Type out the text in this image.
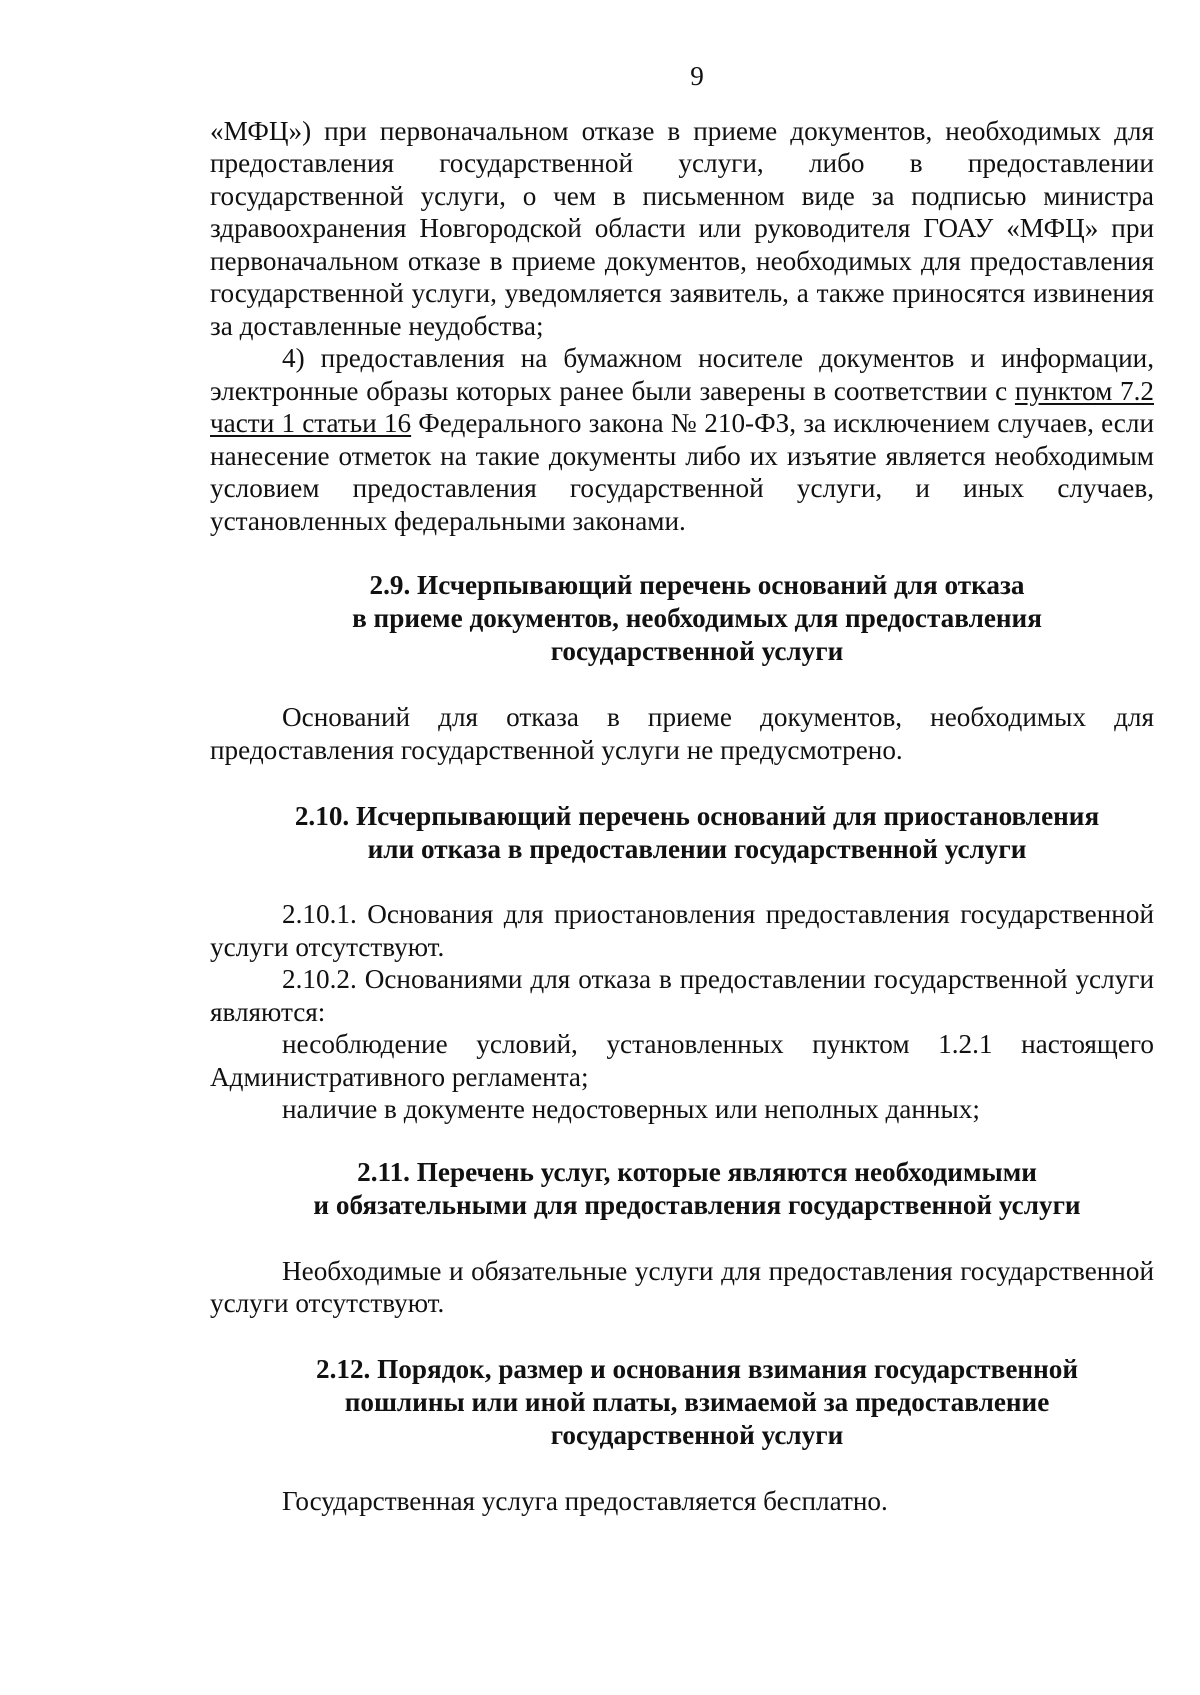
9

«МФЦ») при первоначальном отказе в приеме документов, необходимых для предоставления государственной услуги, либо в предоставлении государственной услуги, о чем в письменном виде за подписью министра здравоохранения Новгородской области или руководителя ГОАУ «МФЦ» при первоначальном отказе в приеме документов, необходимых для предоставления государственной услуги, уведомляется заявитель, а также приносятся извинения за доставленные неудобства;

4) предоставления на бумажном носителе документов и информации, электронные образы которых ранее были заверены в соответствии с пунктом 7.2 части 1 статьи 16 Федерального закона № 210-ФЗ, за исключением случаев, если нанесение отметок на такие документы либо их изъятие является необходимым условием предоставления государственной услуги, и иных случаев, установленных федеральными законами.

2.9. Исчерпывающий перечень оснований для отказа
в приеме документов, необходимых для предоставления
государственной услуги

Оснований для отказа в приеме документов, необходимых для предоставления государственной услуги не предусмотрено.

2.10. Исчерпывающий перечень оснований для приостановления
или отказа в предоставлении государственной услуги

2.10.1. Основания для приостановления предоставления государственной услуги отсутствуют.

2.10.2. Основаниями для отказа в предоставлении государственной услуги являются:

несоблюдение условий, установленных пунктом 1.2.1 настоящего Административного регламента;

наличие в документе недостоверных или неполных данных;

2.11. Перечень услуг, которые являются необходимыми
и обязательными для предоставления государственной услуги

Необходимые и обязательные услуги для предоставления государственной услуги отсутствуют.

2.12. Порядок, размер и основания взимания государственной
пошлины или иной платы, взимаемой за предоставление
государственной услуги

Государственная услуга предоставляется бесплатно.
